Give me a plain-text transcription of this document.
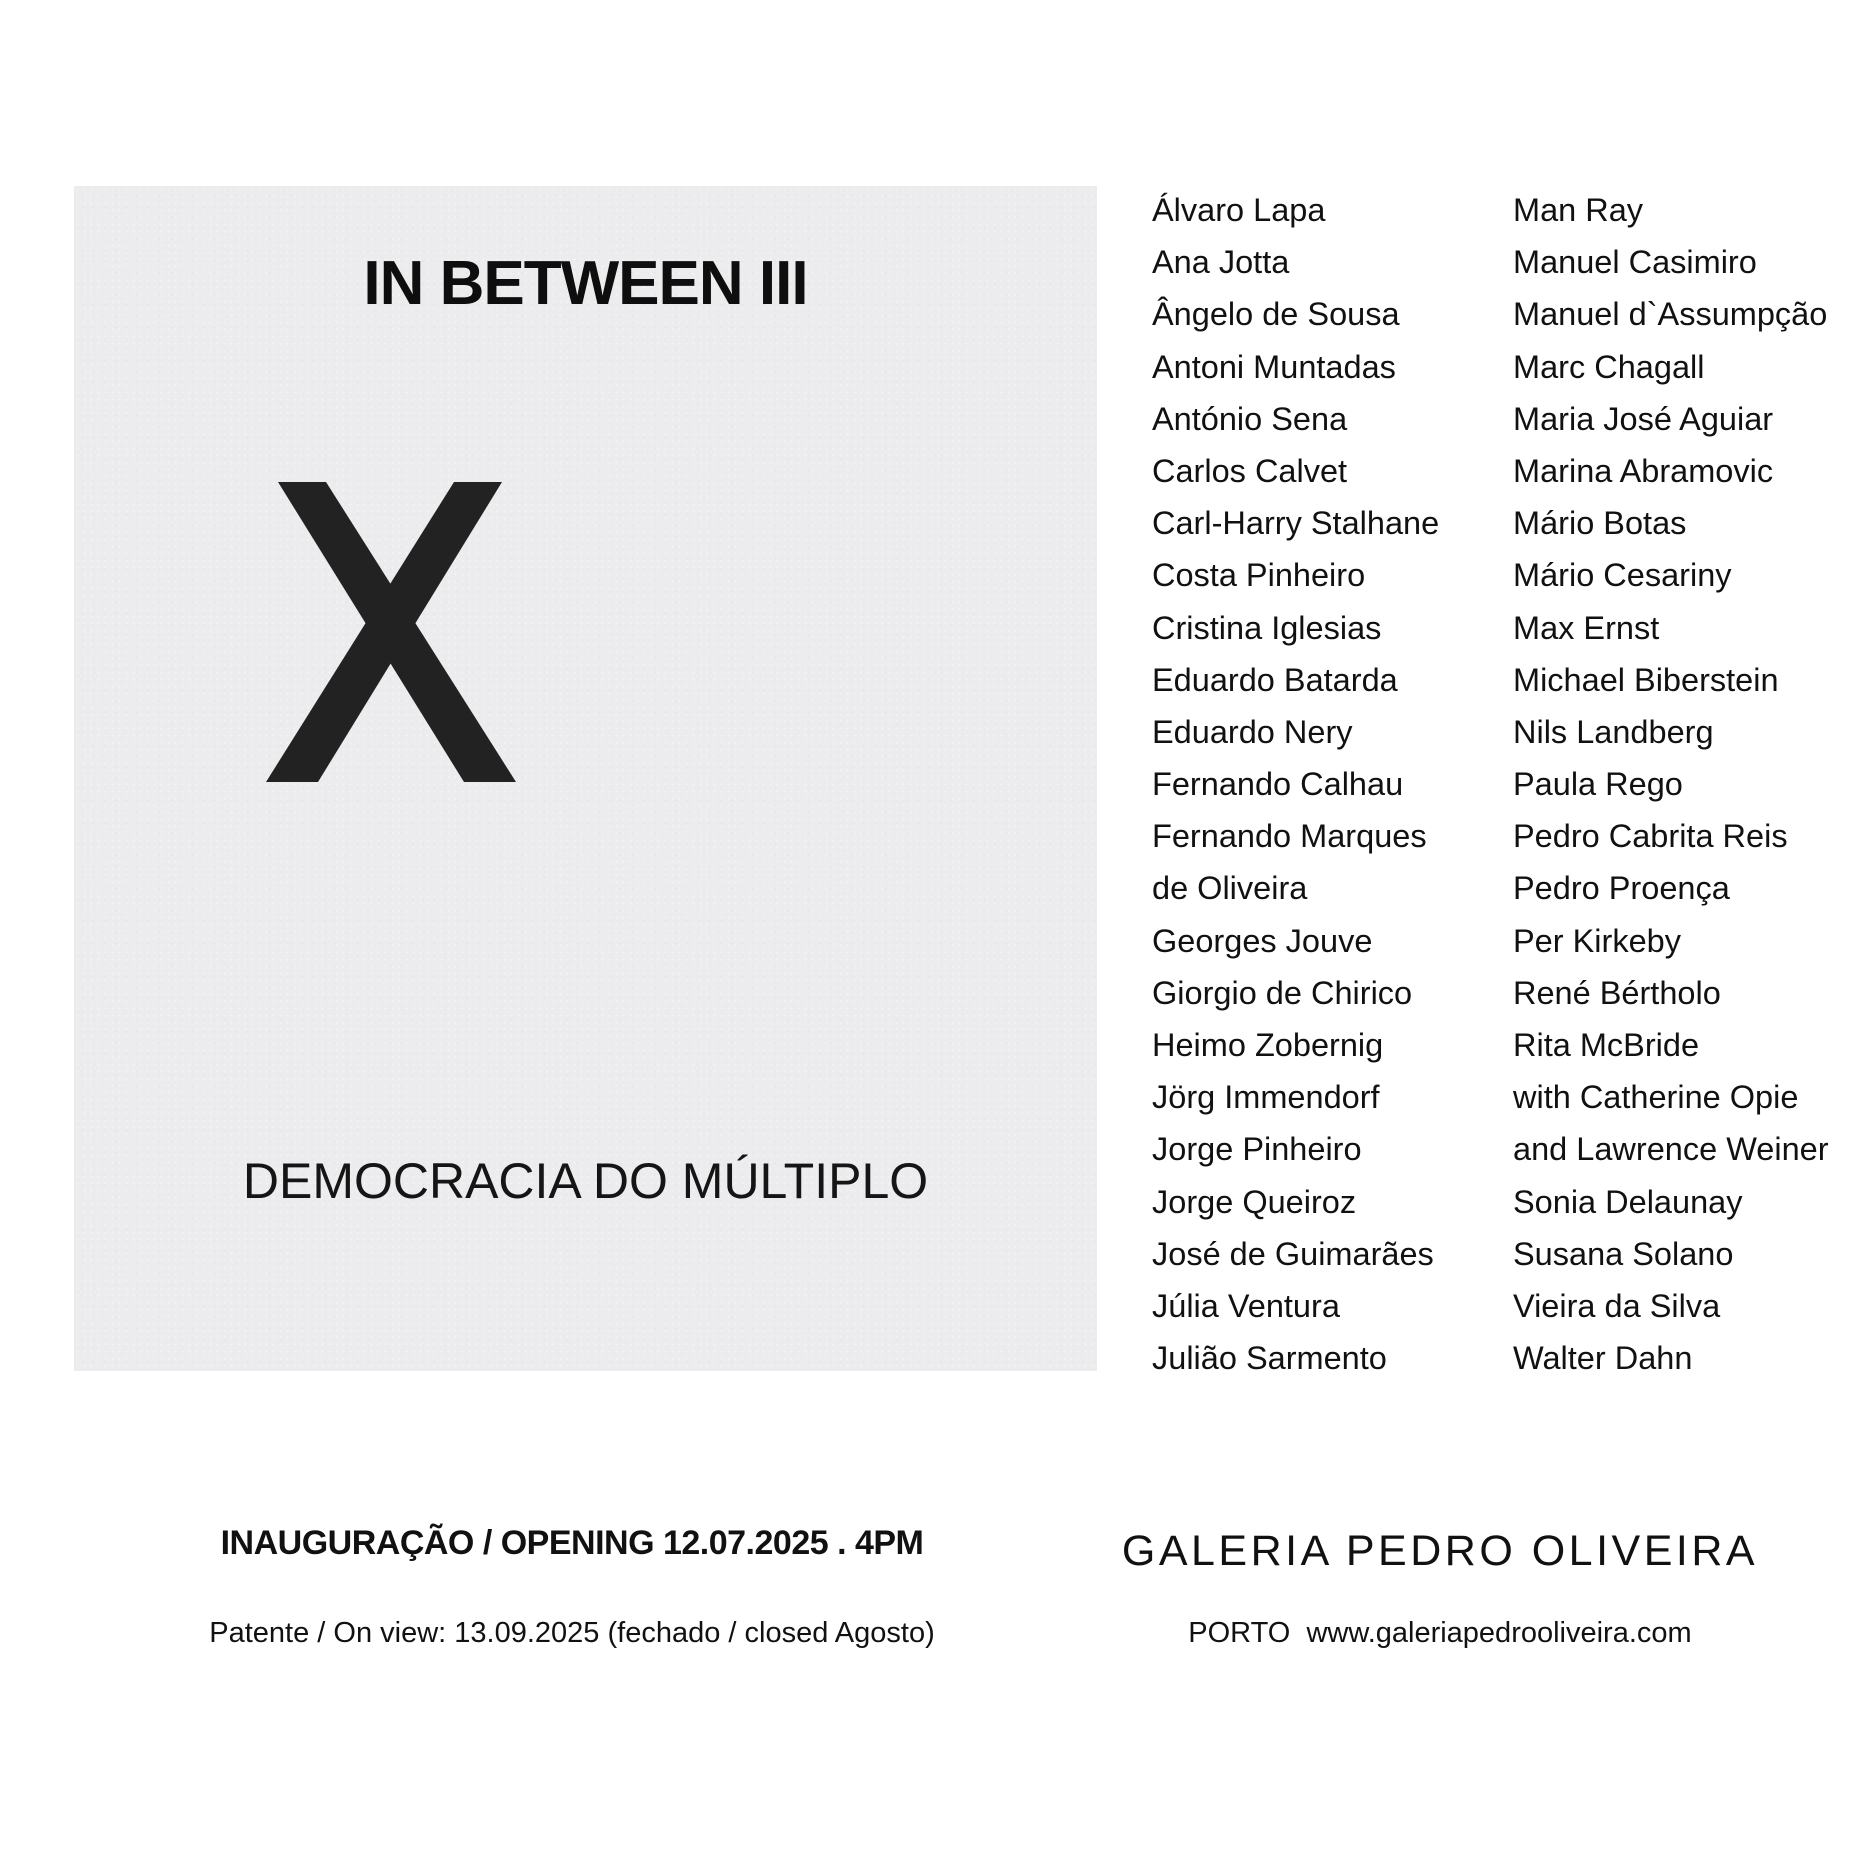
IN BETWEEN III
DEMOCRACIA DO MÚLTIPLO
Álvaro Lapa
Ana Jotta
Ângelo de Sousa
Antoni Muntadas
António Sena
Carlos Calvet
Carl-Harry Stalhane
Costa Pinheiro
Cristina Iglesias
Eduardo Batarda
Eduardo Nery
Fernando Calhau
Fernando Marques
de Oliveira
Georges Jouve
Giorgio de Chirico
Heimo Zobernig
Jörg Immendorf
Jorge Pinheiro
Jorge Queiroz
José de Guimarães
Júlia Ventura
Julião Sarmento
Man Ray
Manuel Casimiro
Manuel d`Assumpção
Marc Chagall
Maria José Aguiar
Marina Abramovic
Mário Botas
Mário Cesariny
Max Ernst
Michael Biberstein
Nils Landberg
Paula Rego
Pedro Cabrita Reis
Pedro Proença
Per Kirkeby
René Bértholo
Rita McBride
with Catherine Opie
and Lawrence Weiner
Sonia Delaunay
Susana Solano
Vieira da Silva
Walter Dahn
INAUGURAÇÃO / OPENING 12.07.2025 . 4PM
Patente / On view: 13.09.2025 (fechado / closed Agosto)
GALERIA PEDRO OLIVEIRA
PORTO  www.galeriapedrooliveira.com
